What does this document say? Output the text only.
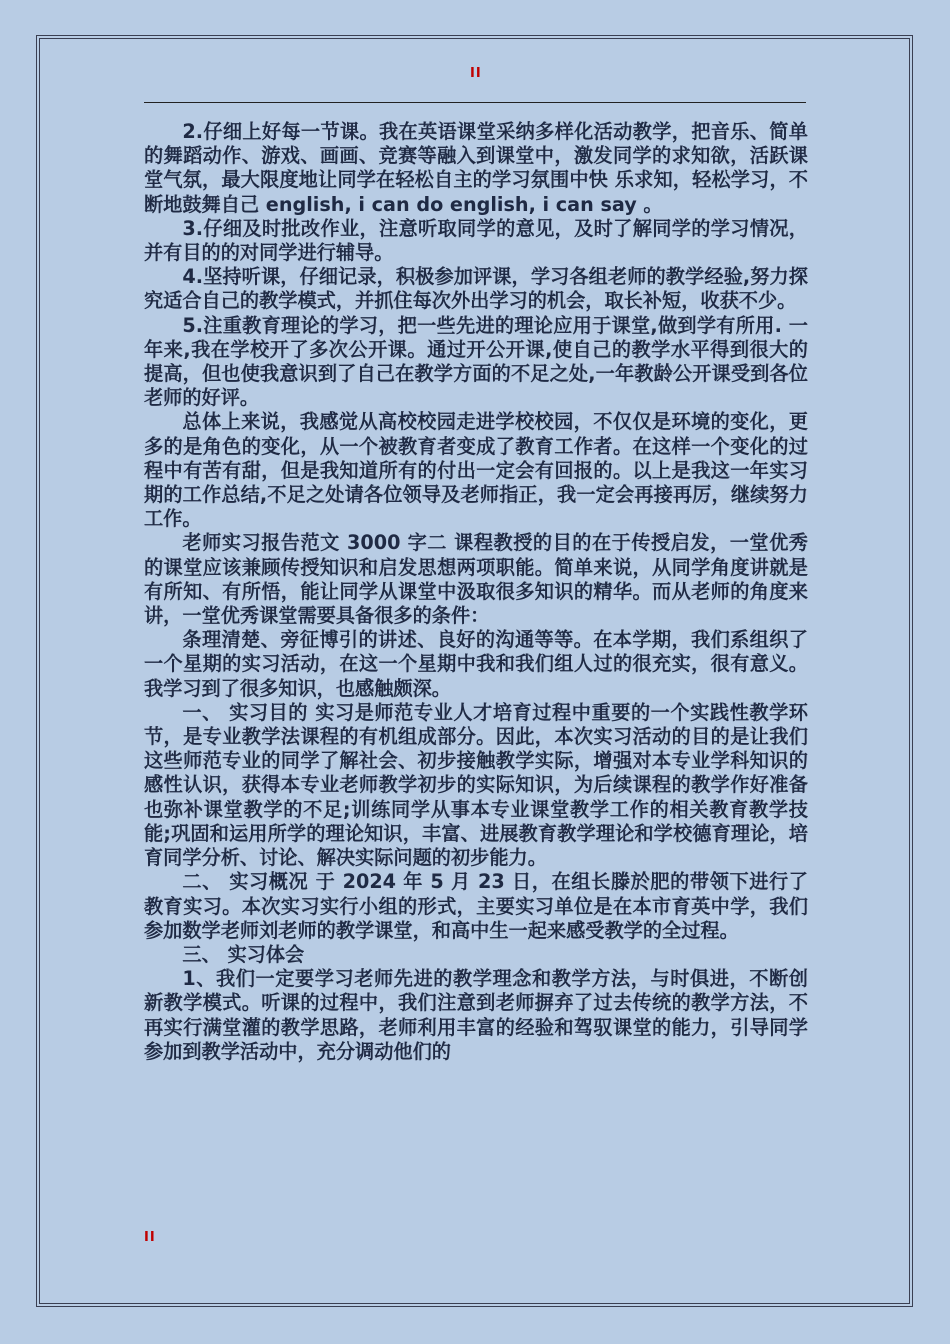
II

2.仔细上好每一节课。我在英语课堂采纳多样化活动教学，把音乐、简单的舞蹈动作、游戏、画画、竞赛等融入到课堂中，激发同学的求知欲，活跃课堂气氛，最大限度地让同学在轻松自主的学习氛围中快 乐求知，轻松学习，不断地鼓舞自己 english, i can do english, i can say 。

3.仔细及时批改作业，注意听取同学的意见，及时了解同学的学习情况，并有目的的对同学进行辅导。

4.坚持听课，仔细记录，积极参加评课，学习各组老师的教学经验,努力探究适合自己的教学模式，并抓住每次外出学习的机会，取长补短，收获不少。

5.注重教育理论的学习，把一些先进的理论应用于课堂,做到学有所用. 一年来,我在学校开了多次公开课。通过开公开课,使自己的教学水平得到很大的提高，但也使我意识到了自己在教学方面的不足之处,一年教龄公开课受到各位老师的好评。

总体上来说，我感觉从高校校园走进学校校园，不仅仅是环境的变化，更多的是角色的变化，从一个被教育者变成了教育工作者。在这样一个变化的过程中有苦有甜，但是我知道所有的付出一定会有回报的。以上是我这一年实习期的工作总结,不足之处请各位领导及老师指正，我一定会再接再厉，继续努力工作。

老师实习报告范文 3000 字二 课程教授的目的在于传授启发，一堂优秀的课堂应该兼顾传授知识和启发思想两项职能。简单来说，从同学角度讲就是有所知、有所悟，能让同学从课堂中汲取很多知识的精华。而从老师的角度来讲，一堂优秀课堂需要具备很多的条件：

条理清楚、旁征博引的讲述、良好的沟通等等。在本学期，我们系组织了一个星期的实习活动，在这一个星期中我和我们组人过的很充实，很有意义。我学习到了很多知识，也感触颇深。

一、 实习目的 实习是师范专业人才培育过程中重要的一个实践性教学环节，是专业教学法课程的有机组成部分。因此，本次实习活动的目的是让我们这些师范专业的同学了解社会、初步接触教学实际，增强对本专业学科知识的感性认识，获得本专业老师教学初步的实际知识，为后续课程的教学作好准备也弥补课堂教学的不足;训练同学从事本专业课堂教学工作的相关教育教学技能;巩固和运用所学的理论知识，丰富、进展教育教学理论和学校德育理论，培育同学分析、讨论、解决实际问题的初步能力。

二、 实习概况 于 2024 年 5 月 23 日，在组长滕於肥的带领下进行了教育实习。本次实习实行小组的形式，主要实习单位是在本市育英中学，我们参加数学老师刘老师的教学课堂，和高中生一起来感受教学的全过程。

三、 实习体会

1、我们一定要学习老师先进的教学理念和教学方法，与时俱进，不断创新教学模式。听课的过程中，我们注意到老师摒弃了过去传统的教学方法，不再实行满堂灌的教学思路，老师利用丰富的经验和驾驭课堂的能力，引导同学参加到教学活动中，充分调动他们的

II
